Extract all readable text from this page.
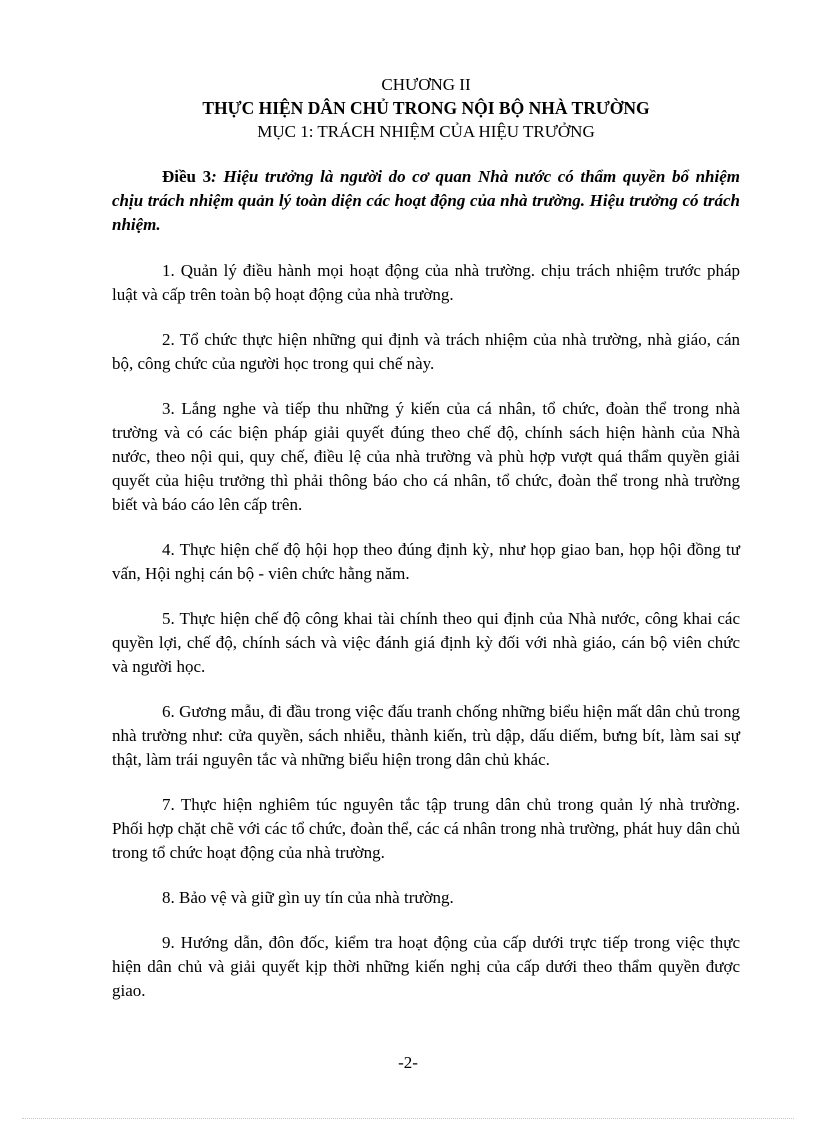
CHƯƠNG II

THỰC HIỆN DÂN CHỦ TRONG NỘI BỘ NHÀ TRƯỜNG

MỤC 1: TRÁCH NHIỆM CỦA HIỆU TRƯỞNG

Điều 3: Hiệu trưởng là người do cơ quan Nhà nước có thẩm quyền bổ nhiệm chịu trách nhiệm quản lý toàn diện các hoạt động của nhà trường. Hiệu trưởng có trách nhiệm.

1. Quản lý điều hành mọi hoạt động của nhà trường. chịu trách nhiệm trước pháp luật và cấp trên toàn bộ hoạt động của nhà trường.

2. Tổ chức thực hiện những qui định và trách nhiệm của nhà trường, nhà giáo, cán bộ, công chức của người học trong qui chế này.

3. Lắng nghe và tiếp thu những ý kiến của cá nhân, tổ chức, đoàn thể trong nhà trường và có các biện pháp giải quyết đúng theo chế độ, chính sách hiện hành của Nhà nước, theo nội qui, quy chế, điều lệ của nhà trường và phù hợp vượt quá thẩm quyền giải quyết của hiệu trưởng thì phải thông báo cho cá nhân, tổ chức, đoàn thể trong nhà trường biết và báo cáo lên cấp trên.

4. Thực hiện chế độ hội họp theo đúng định kỳ, như họp giao ban, họp hội đồng tư vấn, Hội nghị cán bộ - viên chức hằng năm.

5. Thực hiện chế độ công khai tài chính theo qui định của Nhà nước, công khai các quyền lợi, chế độ, chính sách và việc đánh giá định kỳ đối với nhà giáo, cán bộ viên chức và người học.

6. Gương mẫu, đi đầu trong việc đấu tranh chống những biểu hiện mất dân chủ trong nhà trường như: cửa quyền, sách nhiễu, thành kiến, trù dập, dấu diếm, bưng bít, làm sai sự thật, làm trái nguyên tắc và những biểu hiện trong dân chủ khác.

7. Thực hiện nghiêm túc nguyên tắc tập trung dân chủ trong quản lý nhà trường. Phối hợp chặt chẽ với các tổ chức, đoàn thể, các cá nhân trong nhà trường, phát huy dân chủ trong tổ chức hoạt động của nhà trường.

8. Bảo vệ và giữ gìn uy tín của nhà trường.

9. Hướng dẫn, đôn đốc, kiểm tra hoạt động của cấp dưới trực tiếp trong việc thực hiện dân chủ và giải quyết kịp thời những kiến nghị của cấp dưới theo thẩm quyền được giao.

-2-
